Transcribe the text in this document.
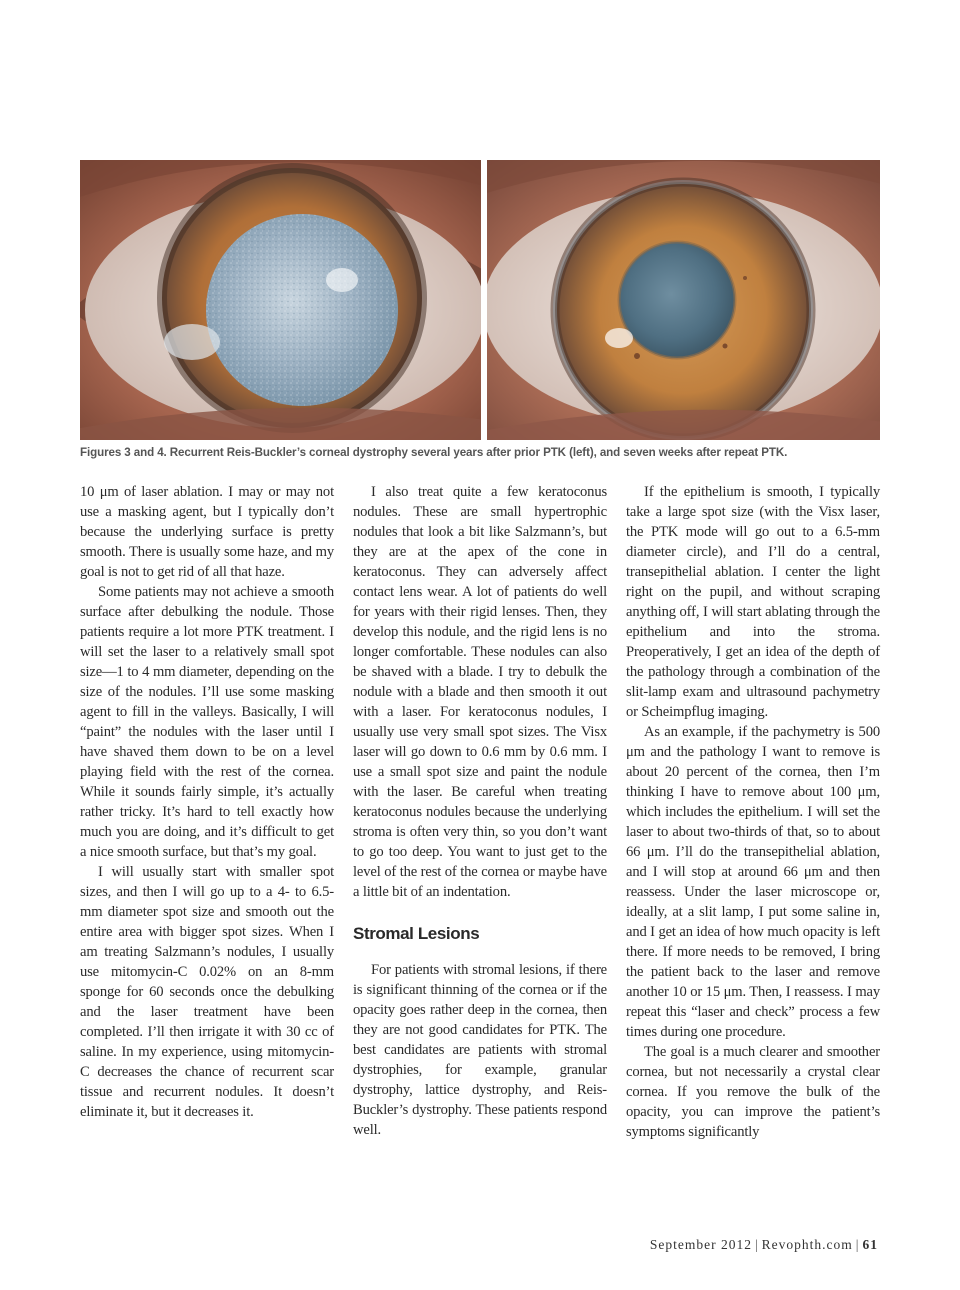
Figures 3 and 4. Recurrent Reis-Buckler’s corneal dystrophy several years after prior PTK (left), and seven weeks after repeat PTK.

10 μm of laser ablation. I may or may not use a masking agent, but I typically don’t because the underlying surface is pretty smooth. There is usually some haze, and my goal is not to get rid of all that haze.

Some patients may not achieve a smooth surface after debulking the nodule. Those patients require a lot more PTK treatment. I will set the laser to a relatively small spot size—1 to 4 mm diameter, depending on the size of the nodules. I’ll use some masking agent to fill in the valleys. Basically, I will “paint” the nodules with the laser until I have shaved them down to be on a level playing field with the rest of the cornea. While it sounds fairly simple, it’s actually rather tricky. It’s hard to tell exactly how much you are doing, and it’s difficult to get a nice smooth surface, but that’s my goal.

I will usually start with smaller spot sizes, and then I will go up to a 4- to 6.5-mm diameter spot size and smooth out the entire area with bigger spot sizes. When I am treating Salzmann’s nodules, I usually use mitomycin-C 0.02% on an 8-mm sponge for 60 seconds once the debulking and the laser treatment have been completed. I’ll then irrigate it with 30 cc of saline. In my experience, using mitomycin-C decreases the chance of recurrent scar tissue and recurrent nodules. It doesn’t eliminate it, but it decreases it.

I also treat quite a few keratoconus nodules. These are small hypertrophic nodules that look a bit like Salzmann’s, but they are at the apex of the cone in keratoconus. They can adversely affect contact lens wear. A lot of patients do well for years with their rigid lenses. Then, they develop this nodule, and the rigid lens is no longer comfortable. These nodules can also be shaved with a blade. I try to debulk the nodule with a blade and then smooth it out with a laser. For keratoconus nodules, I usually use very small spot sizes. The Visx laser will go down to 0.6 mm by 0.6 mm. I use a small spot size and paint the nodule with the laser. Be careful when treating keratoconus nodules because the underlying stroma is often very thin, so you don’t want to go too deep. You want to just get to the level of the rest of the cornea or maybe have a little bit of an indentation.

Stromal Lesions

For patients with stromal lesions, if there is significant thinning of the cornea or if the opacity goes rather deep in the cornea, then they are not good candidates for PTK. The best candidates are patients with stromal dystrophies, for example, granular dystrophy, lattice dystrophy, and Reis-Buckler’s dystrophy. These patients respond well.

If the epithelium is smooth, I typically take a large spot size (with the Visx laser, the PTK mode will go out to a 6.5-mm diameter circle), and I’ll do a central, transepithelial ablation. I center the light right on the pupil, and without scraping anything off, I will start ablating through the epithelium and into the stroma. Preoperatively, I get an idea of the depth of the pathology through a combination of the slit-lamp exam and ultrasound pachymetry or Scheimpflug imaging.

As an example, if the pachymetry is 500 μm and the pathology I want to remove is about 20 percent of the cornea, then I’m thinking I have to remove about 100 μm, which includes the epithelium. I will set the laser to about two-thirds of that, so to about 66 μm. I’ll do the transepithelial ablation, and I will stop at around 66 μm and then reassess. Under the laser microscope or, ideally, at a slit lamp, I put some saline in, and I get an idea of how much opacity is left there. If more needs to be removed, I bring the patient back to the laser and remove another 10 or 15 μm. Then, I reassess. I may repeat this “laser and check” process a few times during one procedure.

The goal is a much clearer and smoother cornea, but not necessarily a crystal clear cornea. If you remove the bulk of the opacity, you can improve the patient’s symptoms significantly

September 2012 | Revophth.com | 61
